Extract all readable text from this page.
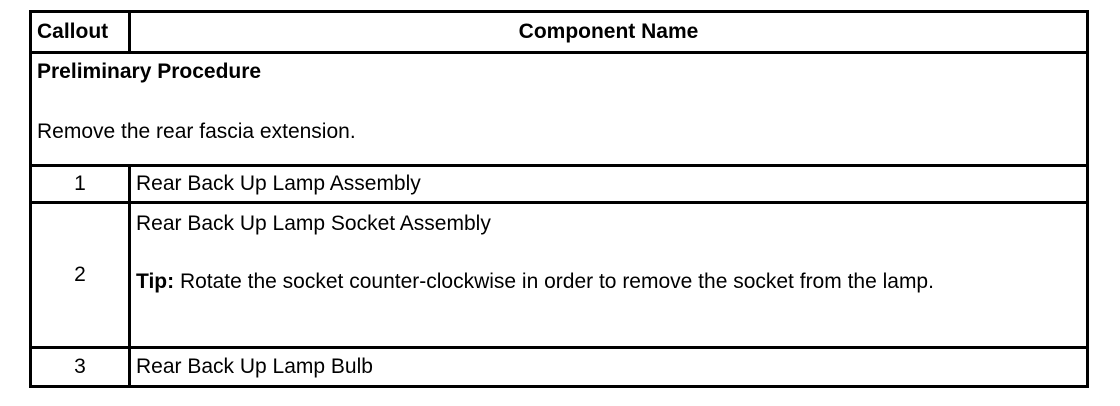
Callout	Component Name

Preliminary Procedure
Remove the rear fascia extension.	

1	Rear Back Up Lamp Assembly
2	Rear Back Up Lamp Socket Assembly
Tip: Rotate the socket counter-clockwise in order to remove the socket from the lamp.

3	Rear Back Up Lamp Bulb
